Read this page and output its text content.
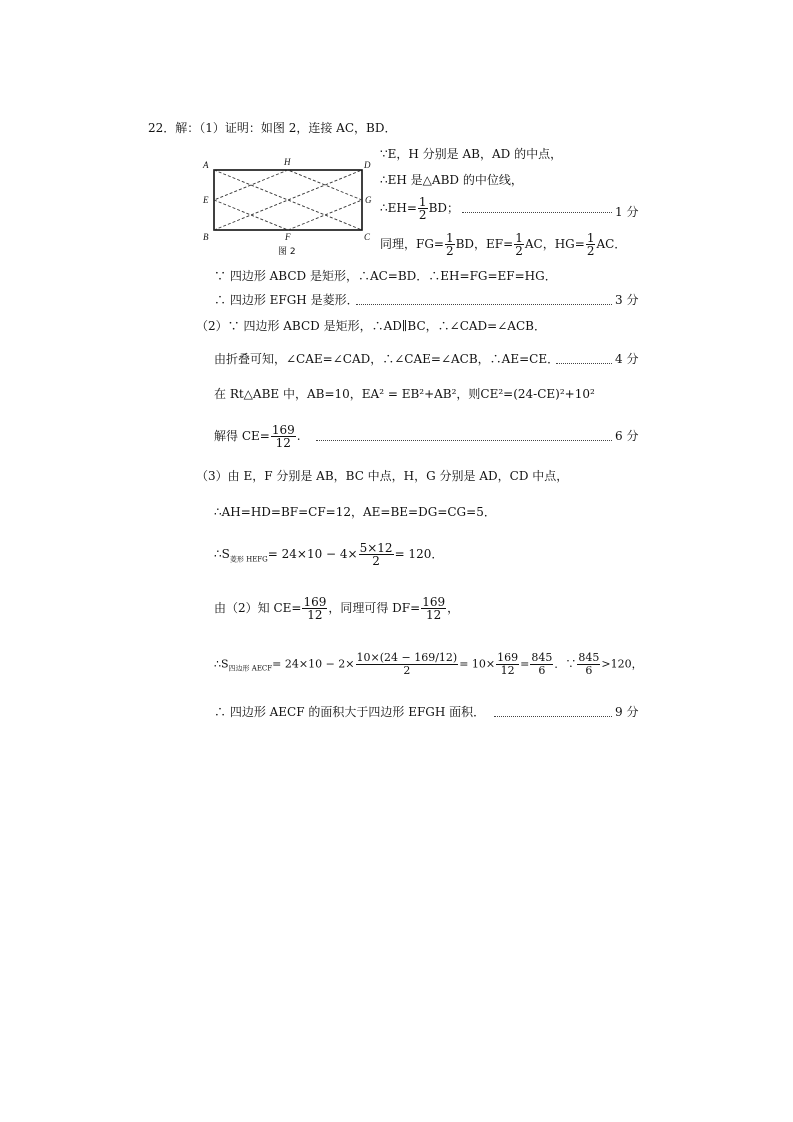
22．解：（1）证明：如图 2，连接 AC，BD．
A	H	D
E	G
B	F	C
图 2
∵E，H 分别是 AB，AD 的中点，
∴EH 是△ABD 的中位线，
∴EH= $\frac{1}{2}$ BD；	1 分
同理，$FG= \frac{1}{2}$ BD，$EF= \frac{1}{2}$ AC，$HG= \frac{1}{2}$ AC．
∵ 四边形 ABCD 是矩形，∴AC=BD．∴EH=FG=EF=HG．
∴ 四边形 EFGH 是菱形．	3 分
（2）∵ 四边形 ABCD 是矩形，∴AD∥BC，∴∠CAD=∠ACB．
由折叠可知，∠CAE=∠CAD，∴∠CAE=∠ACB，∴AE=CE．	4 分
在 Rt△ABE 中，AB=10，EA² = EB²+AB²，则CE²=(24-CE)²+10²
解得 $CE= \frac{169}{12}$ .	6 分
（3）由 E，F 分别是 AB，BC 中点，H，G 分别是 AD，CD 中点，
∴AH=HD=BF=CF=12，AE=BE=DG=CG=5．
$\therefore S_{菱形 HEFG}= 24\times 10 - 4\times \frac{5\times 12}{2} = 120$．
由（2）知 $CE= \frac{169}{12}$ ，同理可得 $DF= \frac{169}{12}$ ，
$\therefore S_{四边形 AECF}= 24\times 10 - 2\times \frac{10\times(24 - 169/12)}{2} = 10\times \frac{169}{12} = \frac{845}{6}$ ．∵ $\frac{845}{6} >120$，
∴ 四边形 AECF 的面积大于四边形 EFGH 面积．	9 分
